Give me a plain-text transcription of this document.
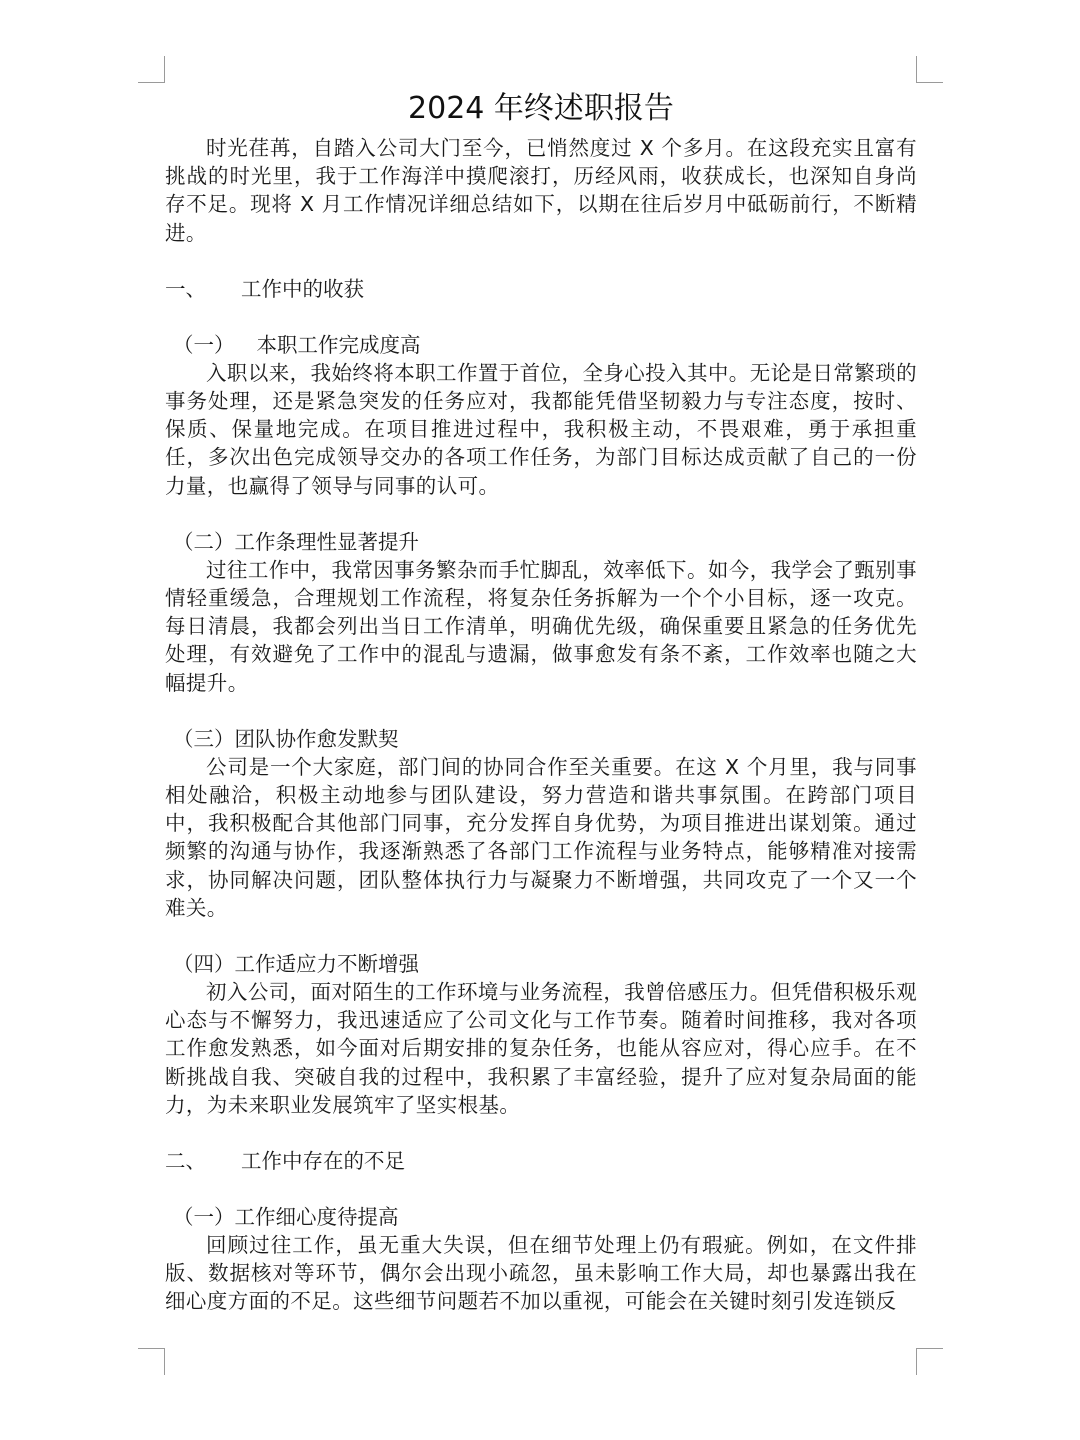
2024 年终述职报告

时光荏苒，自踏入公司大门至今，已悄然度过 X 个多月。在这段充实且富有挑战的时光里，我于工作海洋中摸爬滚打，历经风雨，收获成长，也深知自身尚存不足。现将 X 月工作情况详细总结如下，以期在往后岁月中砥砺前行，不断精进。

一、	工作中的收获
（一） 本职工作完成度高

入职以来，我始终将本职工作置于首位，全身心投入其中。无论是日常繁琐的事务处理，还是紧急突发的任务应对，我都能凭借坚韧毅力与专注态度，按时、保质、保量地完成。在项目推进过程中，我积极主动，不畏艰难，勇于承担重任，多次出色完成领导交办的各项工作任务，为部门目标达成贡献了自己的一份力量，也赢得了领导与同事的认可。

（二）工作条理性显著提升

过往工作中，我常因事务繁杂而手忙脚乱，效率低下。如今，我学会了甄别事情轻重缓急，合理规划工作流程，将复杂任务拆解为一个个小目标，逐一攻克。每日清晨，我都会列出当日工作清单，明确优先级，确保重要且紧急的任务优先处理，有效避免了工作中的混乱与遗漏，做事愈发有条不紊，工作效率也随之大幅提升。

（三）团队协作愈发默契

公司是一个大家庭，部门间的协同合作至关重要。在这 X 个月里，我与同事相处融洽，积极主动地参与团队建设，努力营造和谐共事氛围。在跨部门项目中，我积极配合其他部门同事，充分发挥自身优势，为项目推进出谋划策。通过频繁的沟通与协作，我逐渐熟悉了各部门工作流程与业务特点，能够精准对接需求，协同解决问题，团队整体执行力与凝聚力不断增强，共同攻克了一个又一个难关。

（四）工作适应力不断增强

初入公司，面对陌生的工作环境与业务流程，我曾倍感压力。但凭借积极乐观心态与不懈努力，我迅速适应了公司文化与工作节奏。随着时间推移，我对各项工作愈发熟悉，如今面对后期安排的复杂任务，也能从容应对，得心应手。在不断挑战自我、突破自我的过程中，我积累了丰富经验，提升了应对复杂局面的能力，为未来职业发展筑牢了坚实根基。

二、	工作中存在的不足
（一）工作细心度待提高

回顾过往工作，虽无重大失误，但在细节处理上仍有瑕疵。例如，在文件排版、数据核对等环节，偶尔会出现小疏忽，虽未影响工作大局，却也暴露出我在细心度方面的不足。这些细节问题若不加以重视，可能会在关键时刻引发连锁反
